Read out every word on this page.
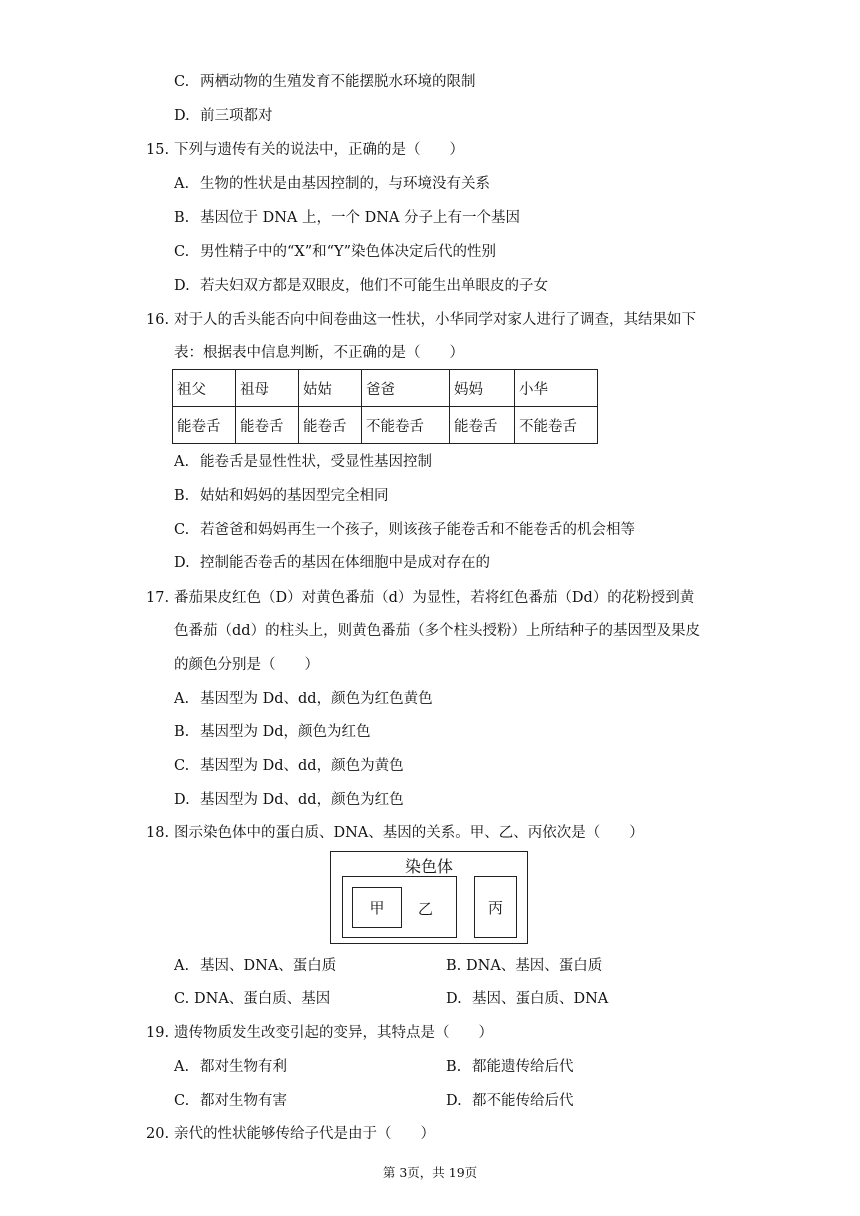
C. 两栖动物的生殖发育不能摆脱水环境的限制
D. 前三项都对
15. 下列与遗传有关的说法中，正确的是（　　）
A. 生物的性状是由基因控制的，与环境没有关系
B. 基因位于 DNA 上，一个 DNA 分子上有一个基因
C. 男性精子中的“X”和“Y”染色体决定后代的性别
D. 若夫妇双方都是双眼皮，他们不可能生出单眼皮的子女
16. 对于人的舌头能否向中间卷曲这一性状，小华同学对家人进行了调查，其结果如下
表：根据表中信息判断，不正确的是（　　）
祖父	祖母	姑姑	爸爸	妈妈	小华
能卷舌	能卷舌	能卷舌	不能卷舌	能卷舌	不能卷舌
A. 能卷舌是显性性状，受显性基因控制
B. 姑姑和妈妈的基因型完全相同
C. 若爸爸和妈妈再生一个孩子，则该孩子能卷舌和不能卷舌的机会相等
D. 控制能否卷舌的基因在体细胞中是成对存在的
17. 番茄果皮红色（D）对黄色番茄（d）为显性，若将红色番茄（Dd）的花粉授到黄
色番茄（dd）的柱头上，则黄色番茄（多个柱头授粉）上所结种子的基因型及果皮
的颜色分别是（　　）
A. 基因型为 Dd、dd，颜色为红色黄色
B. 基因型为 Dd，颜色为红色
C. 基因型为 Dd、dd，颜色为黄色
D. 基因型为 Dd、dd，颜色为红色
18. 图示染色体中的蛋白质、DNA、基因的关系。甲、乙、丙依次是（　　）
染色体
甲	乙	丙
A. 基因、DNA、蛋白质	B. DNA、基因、蛋白质
C. DNA、蛋白质、基因	D. 基因、蛋白质、DNA
19. 遗传物质发生改变引起的变异，其特点是（　　）
A. 都对生物有利	B. 都能遗传给后代
C. 都对生物有害	D. 都不能传给后代
20. 亲代的性状能够传给子代是由于（　　）
第 3页，共 19页
